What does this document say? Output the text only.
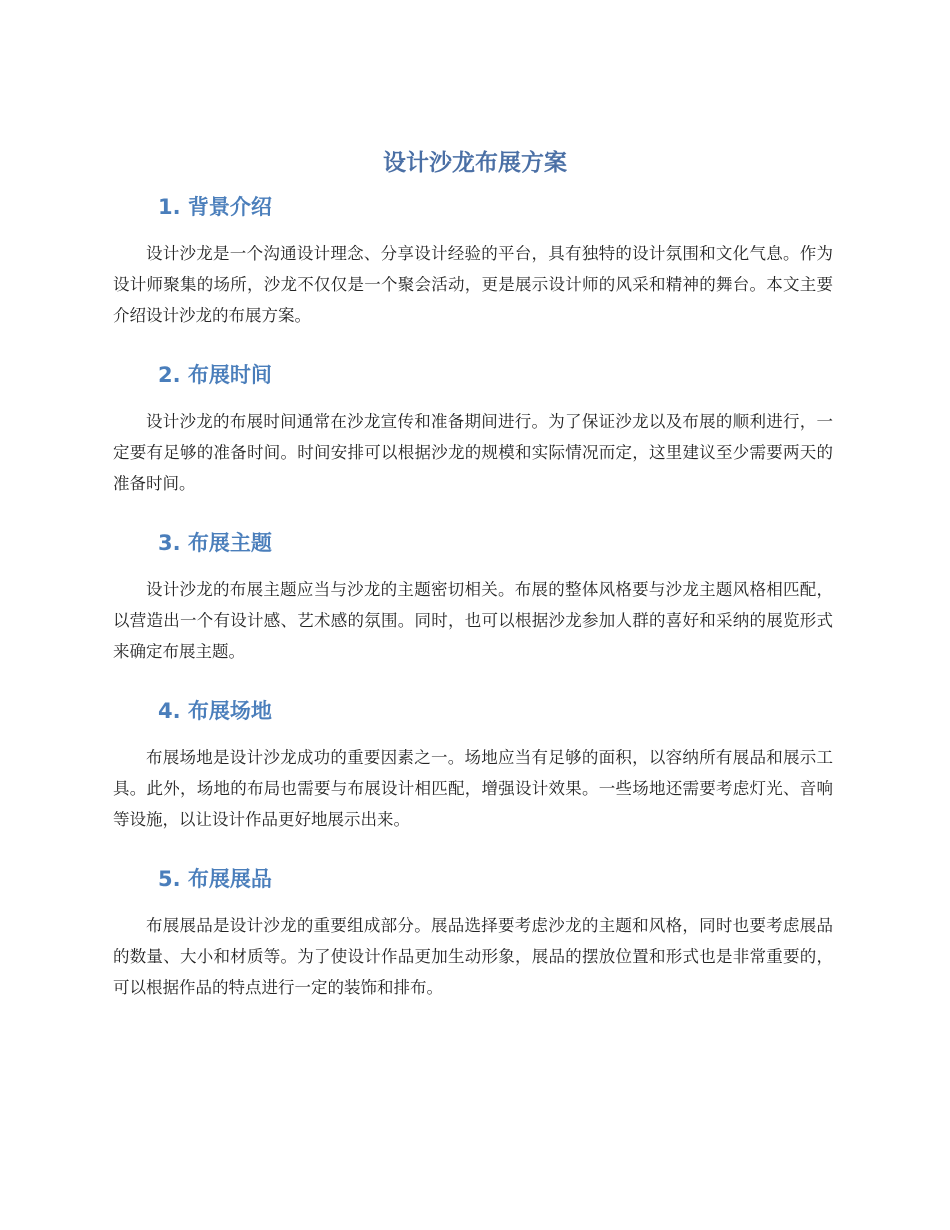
设计沙龙布展方案
1. 背景介绍

设计沙龙是一个沟通设计理念、分享设计经验的平台，具有独特的设计氛围和文化气息。作为设计师聚集的场所，沙龙不仅仅是一个聚会活动，更是展示设计师的风采和精神的舞台。本文主要介绍设计沙龙的布展方案。

2. 布展时间

设计沙龙的布展时间通常在沙龙宣传和准备期间进行。为了保证沙龙以及布展的顺利进行，一定要有足够的准备时间。时间安排可以根据沙龙的规模和实际情况而定，这里建议至少需要两天的准备时间。

3. 布展主题

设计沙龙的布展主题应当与沙龙的主题密切相关。布展的整体风格要与沙龙主题风格相匹配，以营造出一个有设计感、艺术感的氛围。同时，也可以根据沙龙参加人群的喜好和采纳的展览形式来确定布展主题。

4. 布展场地

布展场地是设计沙龙成功的重要因素之一。场地应当有足够的面积，以容纳所有展品和展示工具。此外，场地的布局也需要与布展设计相匹配，增强设计效果。一些场地还需要考虑灯光、音响等设施，以让设计作品更好地展示出来。

5. 布展展品

布展展品是设计沙龙的重要组成部分。展品选择要考虑沙龙的主题和风格，同时也要考虑展品的数量、大小和材质等。为了使设计作品更加生动形象，展品的摆放位置和形式也是非常重要的，可以根据作品的特点进行一定的装饰和排布。
